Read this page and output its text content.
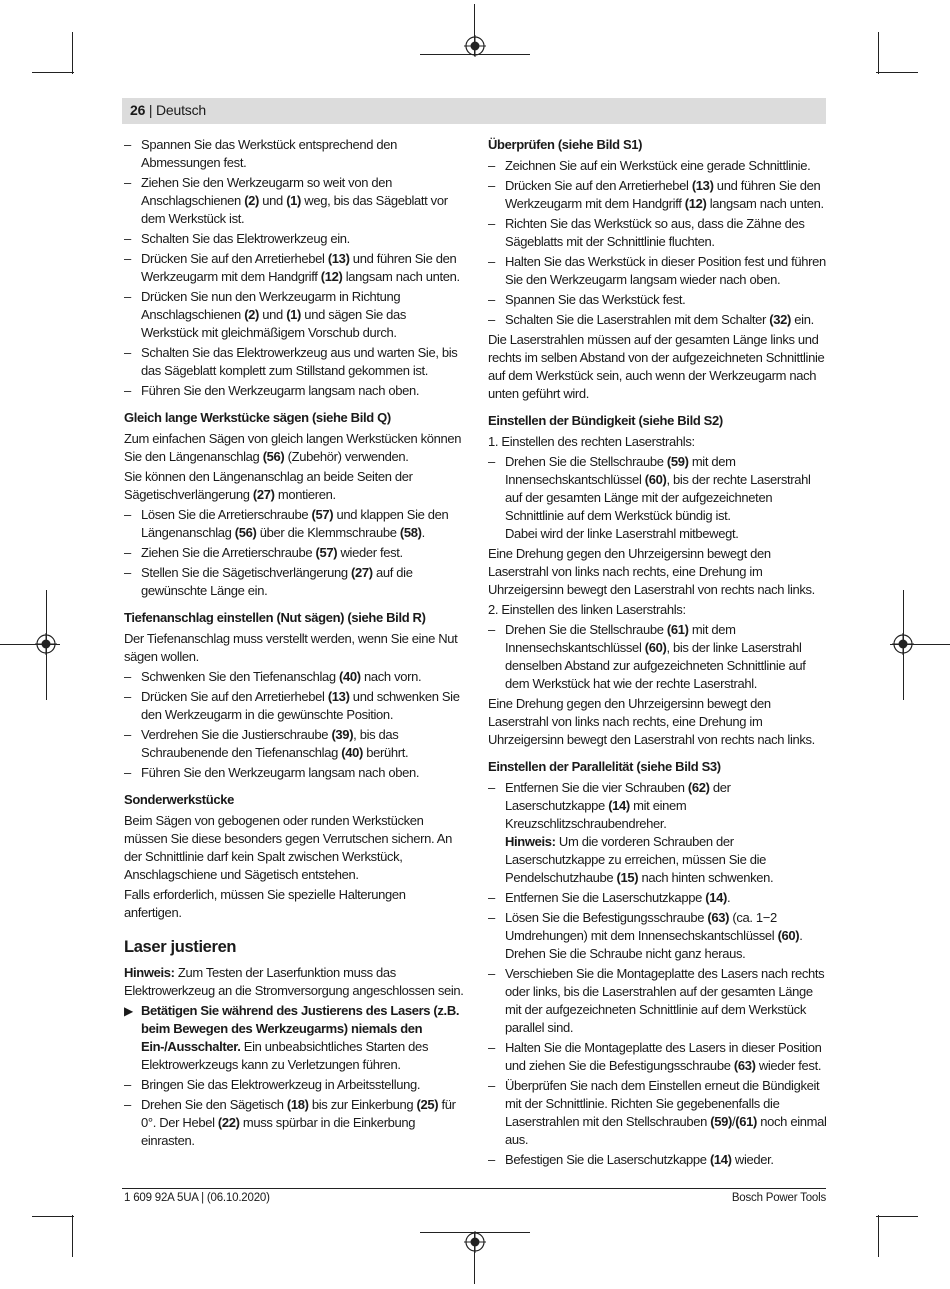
26 | Deutsch
– Spannen Sie das Werkstück entsprechend den Abmessungen fest.
– Ziehen Sie den Werkzeugarm so weit von den Anschlagschienen (2) und (1) weg, bis das Sägeblatt vor dem Werkstück ist.
– Schalten Sie das Elektrowerkzeug ein.
– Drücken Sie auf den Arretierhebel (13) und führen Sie den Werkzeugarm mit dem Handgriff (12) langsam nach unten.
– Drücken Sie nun den Werkzeugarm in Richtung Anschlagschienen (2) und (1) und sägen Sie das Werkstück mit gleichmäßigem Vorschub durch.
– Schalten Sie das Elektrowerkzeug aus und warten Sie, bis das Sägeblatt komplett zum Stillstand gekommen ist.
– Führen Sie den Werkzeugarm langsam nach oben.
Gleich lange Werkstücke sägen (siehe Bild Q)
Zum einfachen Sägen von gleich langen Werkstücken können Sie den Längenanschlag (56) (Zubehör) verwenden.
Sie können den Längenanschlag an beide Seiten der Sägetischverlängerung (27) montieren.
– Lösen Sie die Arretierschraube (57) und klappen Sie den Längenanschlag (56) über die Klemmschraube (58).
– Ziehen Sie die Arretierschraube (57) wieder fest.
– Stellen Sie die Sägetischverlängerung (27) auf die gewünschte Länge ein.
Tiefenanschlag einstellen (Nut sägen) (siehe Bild R)
Der Tiefenanschlag muss verstellt werden, wenn Sie eine Nut sägen wollen.
– Schwenken Sie den Tiefenanschlag (40) nach vorn.
– Drücken Sie auf den Arretierhebel (13) und schwenken Sie den Werkzeugarm in die gewünschte Position.
– Verdrehen Sie die Justierschraube (39), bis das Schraubenende den Tiefenanschlag (40) berührt.
– Führen Sie den Werkzeugarm langsam nach oben.
Sonderwerkstücke
Beim Sägen von gebogenen oder runden Werkstücken müssen Sie diese besonders gegen Verrutschen sichern. An der Schnittlinie darf kein Spalt zwischen Werkstück, Anschlagschiene und Sägetisch entstehen.
Falls erforderlich, müssen Sie spezielle Halterungen anfertigen.
Laser justieren
Hinweis: Zum Testen der Laserfunktion muss das Elektrowerkzeug an die Stromversorgung angeschlossen sein.
▶ Betätigen Sie während des Justierens des Lasers (z.B. beim Bewegen des Werkzeugarms) niemals den Ein-/Ausschalter. Ein unbeabsichtliches Starten des Elektrowerkzeugs kann zu Verletzungen führen.
– Bringen Sie das Elektrowerkzeug in Arbeitsstellung.
– Drehen Sie den Sägetisch (18) bis zur Einkerbung (25) für 0°. Der Hebel (22) muss spürbar in die Einkerbung einrasten.
Überprüfen (siehe Bild S1)
– Zeichnen Sie auf ein Werkstück eine gerade Schnittlinie.
– Drücken Sie auf den Arretierhebel (13) und führen Sie den Werkzeugarm mit dem Handgriff (12) langsam nach unten.
– Richten Sie das Werkstück so aus, dass die Zähne des Sägeblatts mit der Schnittlinie fluchten.
– Halten Sie das Werkstück in dieser Position fest und führen Sie den Werkzeugarm langsam wieder nach oben.
– Spannen Sie das Werkstück fest.
– Schalten Sie die Laserstrahlen mit dem Schalter (32) ein.
Die Laserstrahlen müssen auf der gesamten Länge links und rechts im selben Abstand von der aufgezeichneten Schnittlinie auf dem Werkstück sein, auch wenn der Werkzeugarm nach unten geführt wird.
Einstellen der Bündigkeit (siehe Bild S2)
1. Einstellen des rechten Laserstrahls:
– Drehen Sie die Stellschraube (59) mit dem Innensechskantschlüssel (60), bis der rechte Laserstrahl auf der gesamten Länge mit der aufgezeichneten Schnittlinie auf dem Werkstück bündig ist.
Dabei wird der linke Laserstrahl mitbewegt.
Eine Drehung gegen den Uhrzeigersinn bewegt den Laserstrahl von links nach rechts, eine Drehung im Uhrzeigersinn bewegt den Laserstrahl von rechts nach links.
2. Einstellen des linken Laserstrahls:
– Drehen Sie die Stellschraube (61) mit dem Innensechskantschlüssel (60), bis der linke Laserstrahl denselben Abstand zur aufgezeichneten Schnittlinie auf dem Werkstück hat wie der rechte Laserstrahl.
Eine Drehung gegen den Uhrzeigersinn bewegt den Laserstrahl von links nach rechts, eine Drehung im Uhrzeigersinn bewegt den Laserstrahl von rechts nach links.
Einstellen der Parallelität (siehe Bild S3)
– Entfernen Sie die vier Schrauben (62) der Laserschutzkappe (14) mit einem Kreuzschlitzschraubendreher.
Hinweis: Um die vorderen Schrauben der Laserschutzkappe zu erreichen, müssen Sie die Pendelschutzhaube (15) nach hinten schwenken.
– Entfernen Sie die Laserschutzkappe (14).
– Lösen Sie die Befestigungsschraube (63) (ca. 1−2 Umdrehungen) mit dem Innensechskantschlüssel (60). Drehen Sie die Schraube nicht ganz heraus.
– Verschieben Sie die Montageplatte des Lasers nach rechts oder links, bis die Laserstrahlen auf der gesamten Länge mit der aufgezeichneten Schnittlinie auf dem Werkstück parallel sind.
– Halten Sie die Montageplatte des Lasers in dieser Position und ziehen Sie die Befestigungsschraube (63) wieder fest.
– Überprüfen Sie nach dem Einstellen erneut die Bündigkeit mit der Schnittlinie. Richten Sie gegebenenfalls die Laserstrahlen mit den Stellschrauben (59)/(61) noch einmal aus.
– Befestigen Sie die Laserschutzkappe (14) wieder.
1 609 92A 5UA | (06.10.2020)	Bosch Power Tools
